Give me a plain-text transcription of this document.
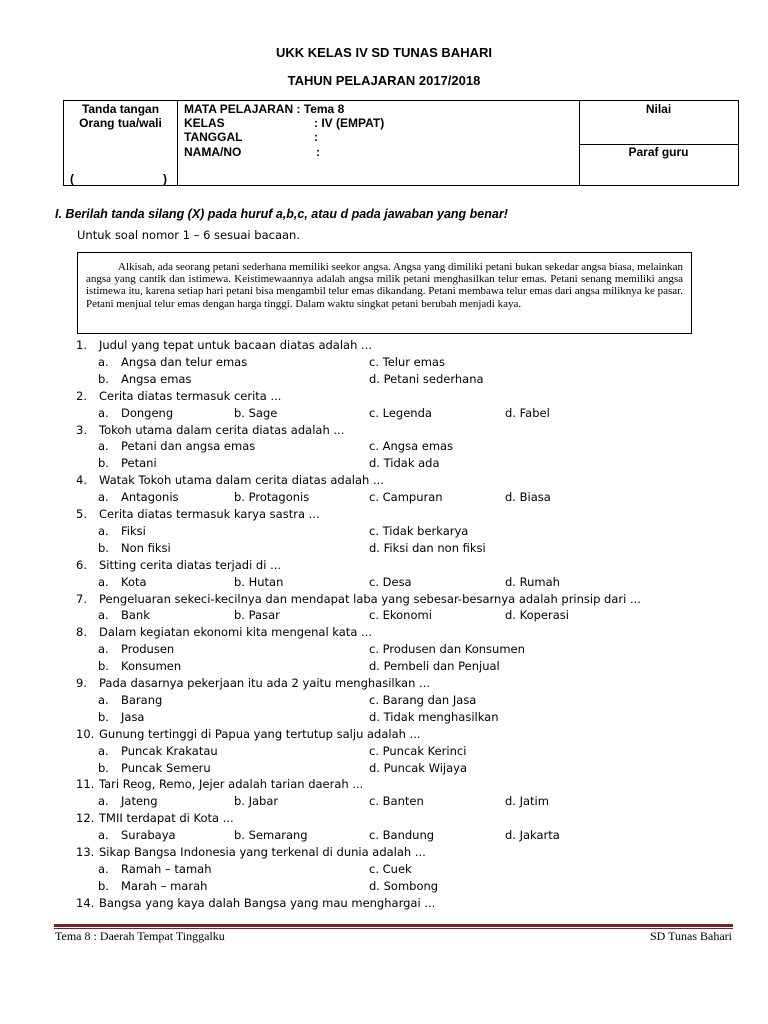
UKK KELAS IV SD TUNAS BAHARI
TAHUN PELAJARAN 2017/2018
Tanda tangan
Orang tua/wali
(	)
MATA PELAJARAN : Tema 8
KELAS	: IV (EMPAT)
TANGGAL	:
NAMA/NO	:
Nilai
Paraf guru
I. Berilah tanda silang (X) pada huruf a,b,c, atau d pada jawaban yang benar!
Untuk soal nomor 1 – 6 sesuai bacaan.
Alkisah, ada seorang petani sederhana memiliki seekor angsa. Angsa yang dimiliki petani bukan sekedar angsa biasa, melainkan angsa yang cantik dan istimewa. Keistimewaannya adalah angsa milik petani menghasilkan telur emas. Petani senang memiliki angsa istimewa itu, karena setiap hari petani bisa mengambil telur emas dikandang. Petani membawa telur emas dari angsa miliknya ke pasar. Petani menjual telur emas dengan harga tinggi. Dalam waktu singkat petani berubah menjadi kaya.
1. Judul yang tepat untuk bacaan diatas adalah ...
a. Angsa dan telur emas	c. Telur emas
b. Angsa emas	d. Petani sederhana
2. Cerita diatas termasuk cerita ...
a. Dongeng	b. Sage	c. Legenda	d. Fabel
3. Tokoh utama dalam cerita diatas adalah ...
a. Petani dan angsa emas	c. Angsa emas
b. Petani	d. Tidak ada
4. Watak Tokoh utama dalam cerita diatas adalah ...
a. Antagonis	b. Protagonis	c. Campuran	d. Biasa
5. Cerita diatas termasuk karya sastra ...
a. Fiksi	c. Tidak berkarya
b. Non fiksi	d. Fiksi dan non fiksi
6. Sitting cerita diatas terjadi di ...
a. Kota	b. Hutan	c. Desa	d. Rumah
7. Pengeluaran sekeci-kecilnya dan mendapat laba yang sebesar-besarnya adalah prinsip dari ...
a. Bank	b. Pasar	c. Ekonomi	d. Koperasi
8. Dalam kegiatan ekonomi kita mengenal kata ...
a. Produsen	c. Produsen dan Konsumen
b. Konsumen	d. Pembeli dan Penjual
9. Pada dasarnya pekerjaan itu ada 2 yaitu menghasilkan ...
a. Barang	c. Barang dan Jasa
b. Jasa	d. Tidak menghasilkan
10. Gunung tertinggi di Papua yang tertutup salju adalah ...
a. Puncak Krakatau	c. Puncak Kerinci
b. Puncak Semeru	d. Puncak Wijaya
11. Tari Reog, Remo, Jejer adalah tarian daerah ...
a. Jateng	b. Jabar	c. Banten	d. Jatim
12. TMII terdapat di Kota ...
a. Surabaya	b. Semarang	c. Bandung	d. Jakarta
13. Sikap Bangsa Indonesia yang terkenal di dunia adalah ...
a. Ramah – tamah	c. Cuek
b. Marah – marah	d. Sombong
14. Bangsa yang kaya dalah Bangsa yang mau menghargai ...
Tema 8 : Daerah Tempat Tinggalku	SD Tunas Bahari
